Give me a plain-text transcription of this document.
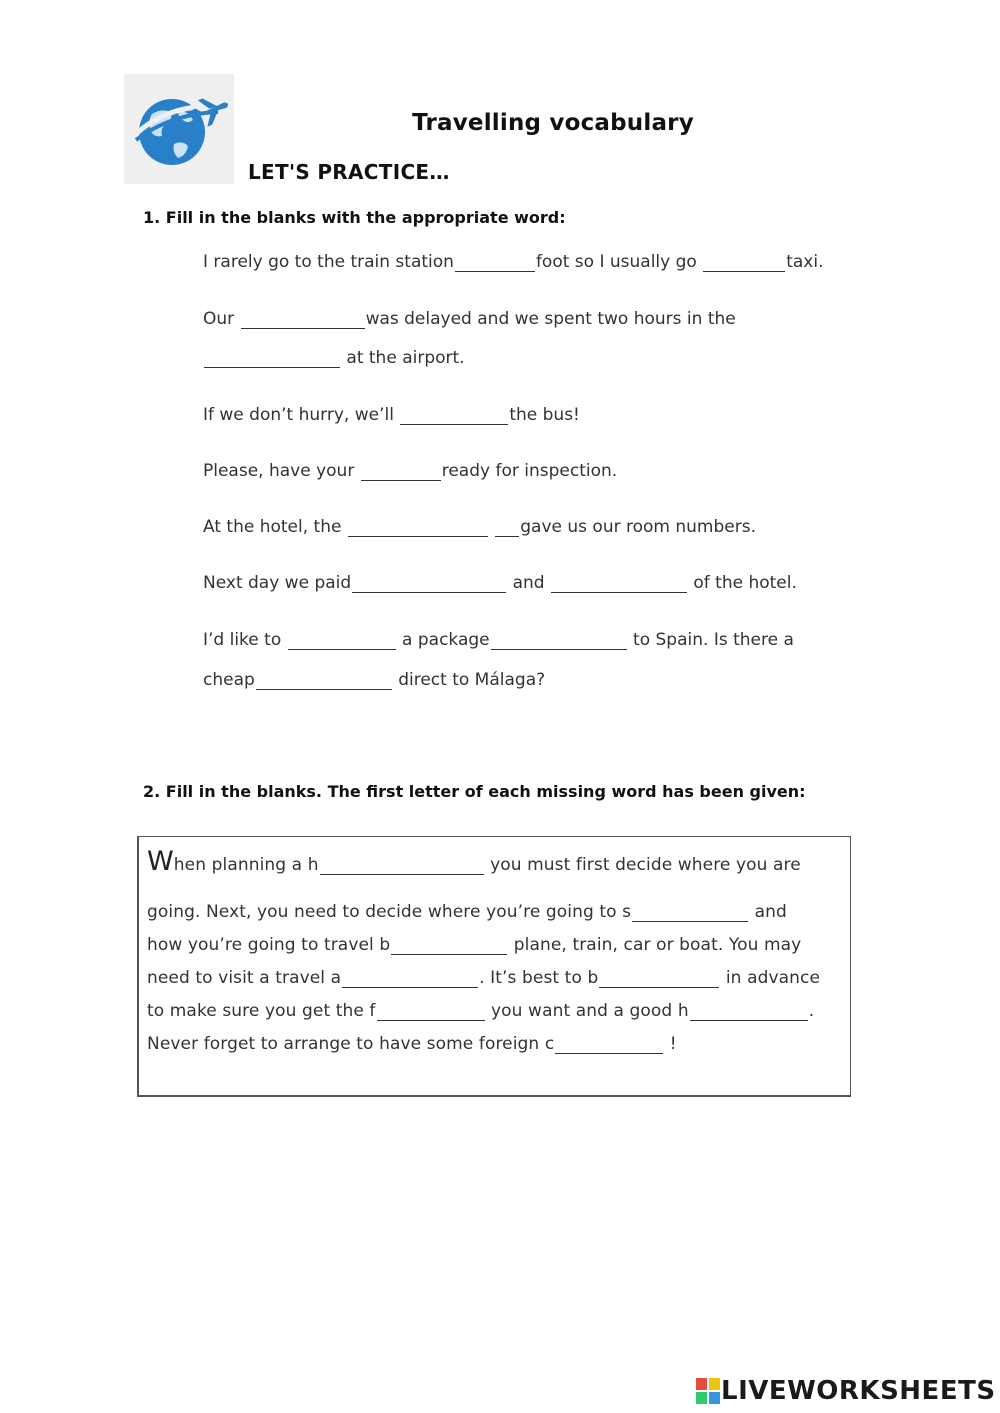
Travelling vocabulary
LET'S PRACTICE…
1. Fill in the blanks with the appropriate word:
I rarely go to the train station	foot so I usually go	taxi.
Our	was delayed and we spent two hours in the
at the airport.
If we don’t hurry, we’ll	the bus!
Please, have your	ready for inspection.
At the hotel, the	gave us our room numbers.
Next day we paid	and	of the hotel.
I’d like to	a package	to Spain. Is there a
cheap	direct to Málaga?
2. Fill in the blanks. The first letter of each missing word has been given:
When planning a h	you must first decide where you are
going. Next, you need to decide where you’re going to s	and
how you’re going to travel b	plane, train, car or boat. You may
need to visit a travel a	. It’s best to b	in advance
to make sure you get the f	you want and a good h	.
Never forget to arrange to have some foreign c	!
LIVEWORKSHEETS
